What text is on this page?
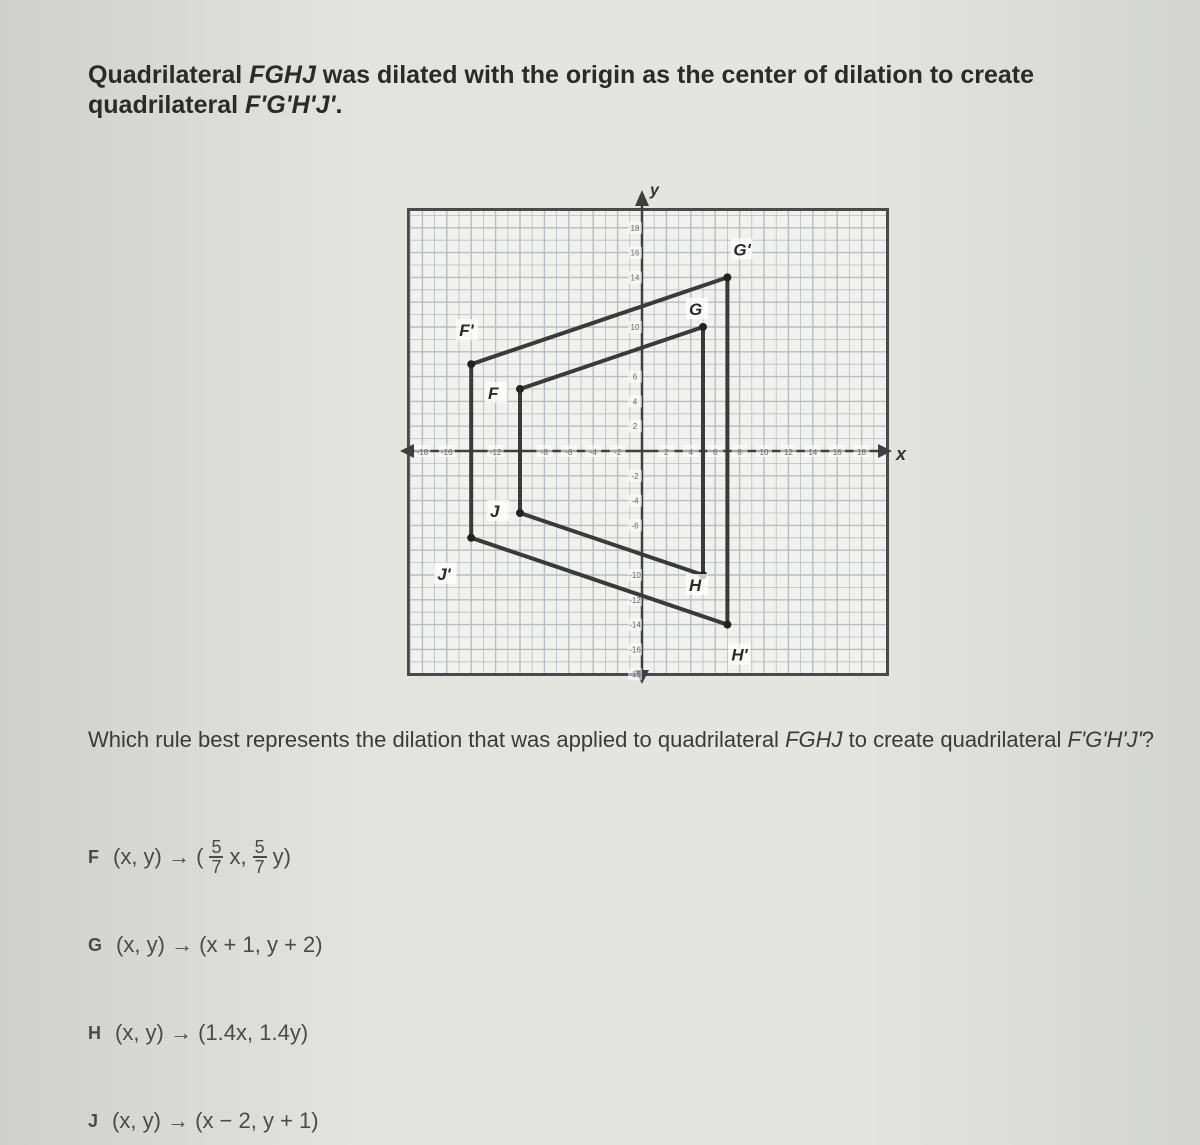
Quadrilateral FGHJ was dilated with the origin as the center of dilation to create quadrilateral F'G'H'J'.
x
y
-18 -16	-12	-8 -6 -4 -2	2 4 6 8 10 12 14 16 18
18
16
14
10
6
4
2
-2
-4
-6
-10
-12
-14
-16
-18
F'
G'
H'
J'
F
G
H
J
Which rule best represents the dilation that was applied to quadrilateral FGHJ to create quadrilateral F'G'H'J'?
F (x, y) → ( $\frac{5}{7} x$, $\frac{5}{7} y$)
G (x, y) → (x + 1, y + 2)
H (x, y) → (1.4x, 1.4y)
J (x, y) → (x − 2, y + 1)
